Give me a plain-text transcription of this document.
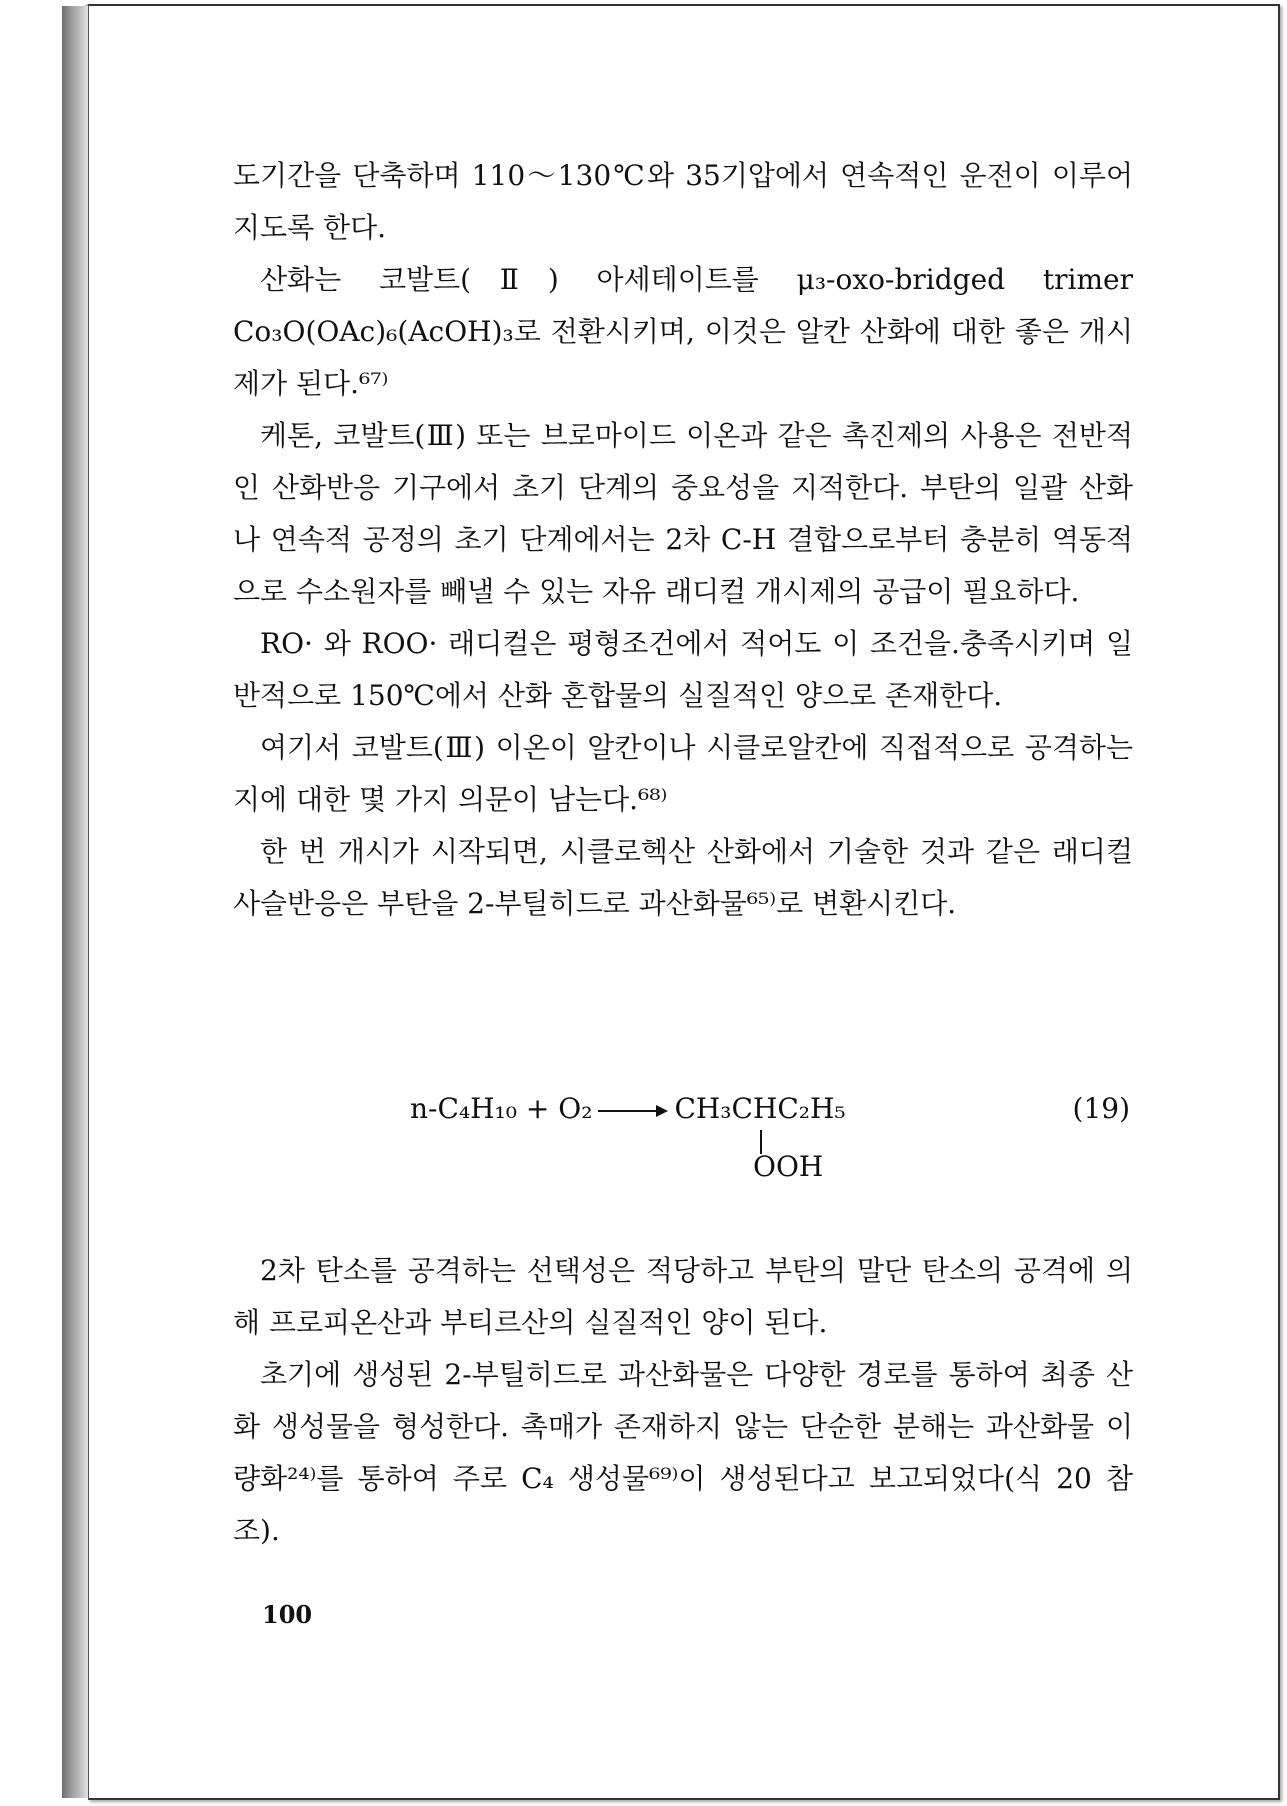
도기간을 단축하며 110～130℃와 35기압에서 연속적인 운전이 이루어지도록 한다.

산화는 코발트(Ⅱ) 아세테이트를 μ₃-oxo-bridged trimer Co₃O(OAc)₆(AcOH)₃로 전환시키며, 이것은 알칸 산화에 대한 좋은 개시제가 된다.⁶⁷⁾

케톤, 코발트(Ⅲ) 또는 브로마이드 이온과 같은 촉진제의 사용은 전반적인 산화반응 기구에서 초기 단계의 중요성을 지적한다. 부탄의 일괄 산화나 연속적 공정의 초기 단계에서는 2차 C-H 결합으로부터 충분히 역동적으로 수소원자를 빼낼 수 있는 자유 래디컬 개시제의 공급이 필요하다.

RO· 와 ROO· 래디컬은 평형조건에서 적어도 이 조건을.충족시키며 일반적으로 150℃에서 산화 혼합물의 실질적인 양으로 존재한다.

여기서 코발트(Ⅲ) 이온이 알칸이나 시클로알칸에 직접적으로 공격하는지에 대한 몇 가지 의문이 남는다.⁶⁸⁾

한 번 개시가 시작되면, 시클로헥산 산화에서 기술한 것과 같은 래디컬 사슬반응은 부탄을 2-부틸히드로 과산화물⁶⁵⁾로 변환시킨다.

n-C₄H₁₀ + O₂ → CH₃CHC₂H₅
OOH
(19)

2차 탄소를 공격하는 선택성은 적당하고 부탄의 말단 탄소의 공격에 의해 프로피온산과 부티르산의 실질적인 양이 된다.

초기에 생성된 2-부틸히드로 과산화물은 다양한 경로를 통하여 최종 산화 생성물을 형성한다. 촉매가 존재하지 않는 단순한 분해는 과산화물 이량화²⁴⁾를 통하여 주로 C₄ 생성물⁶⁹⁾이 생성된다고 보고되었다(식 20 참조).

100
